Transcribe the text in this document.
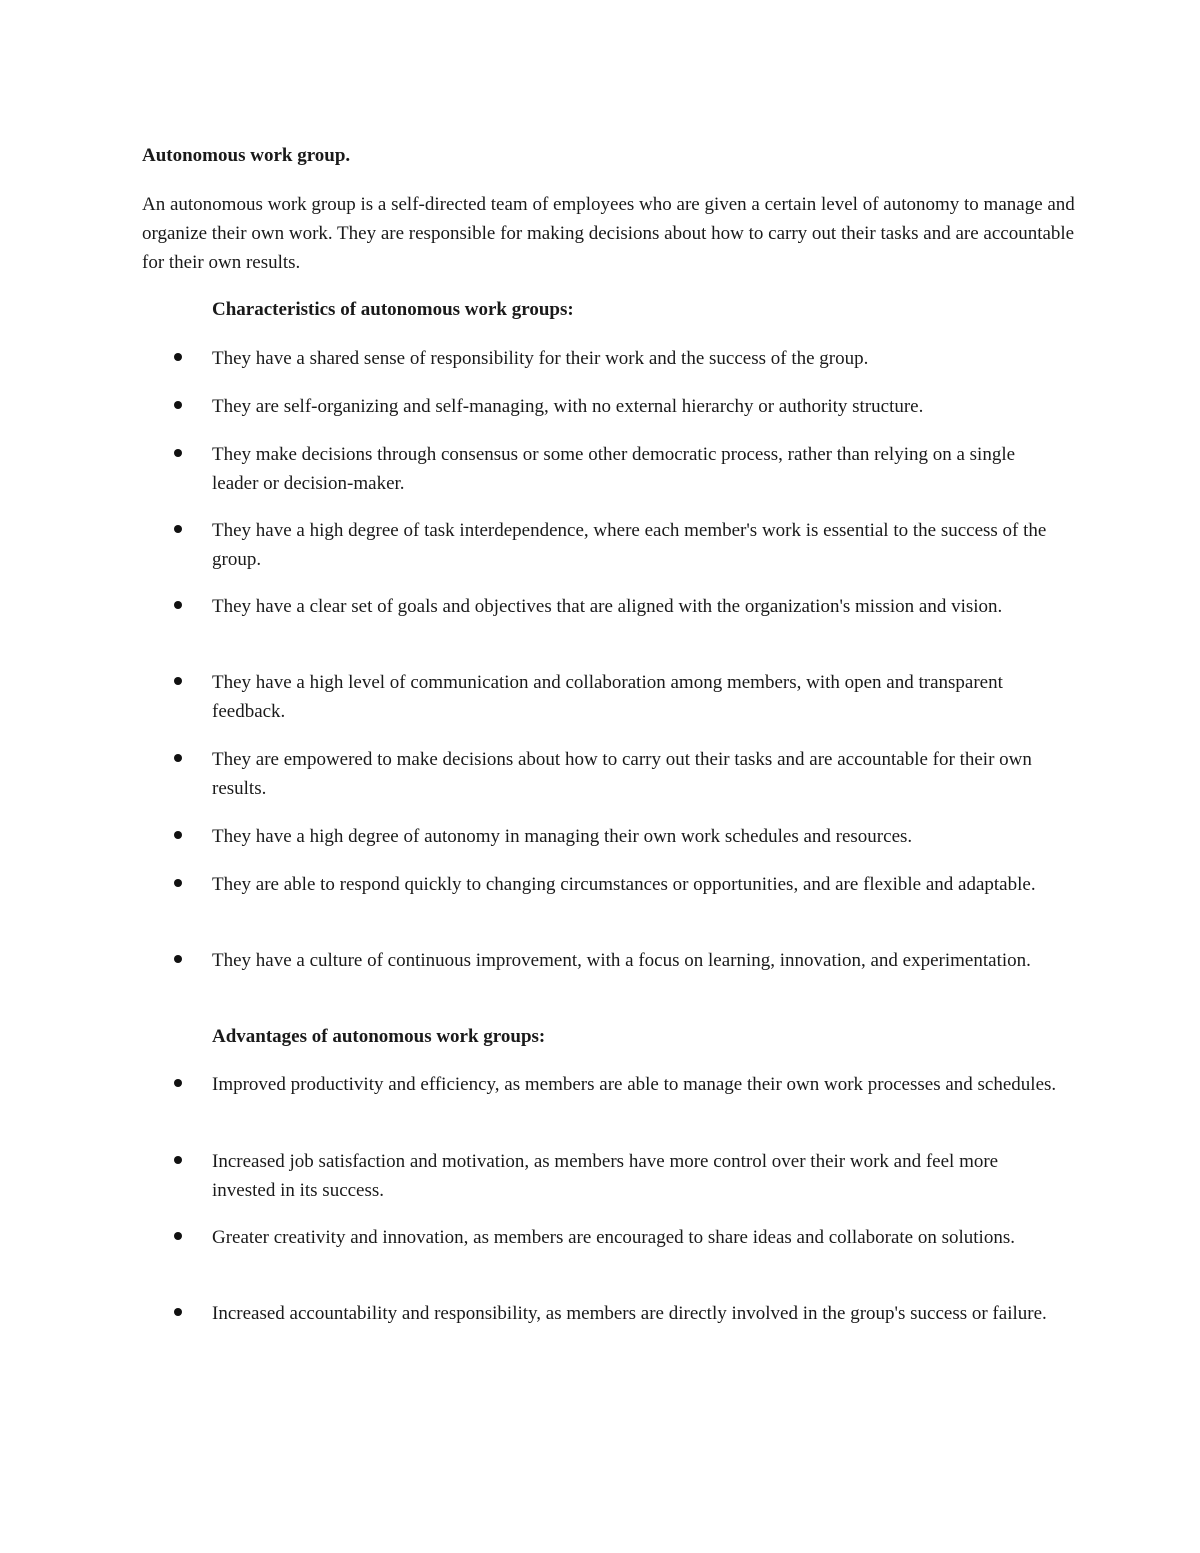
Autonomous work group.

An autonomous work group is a self-directed team of employees who are given a certain level of autonomy to manage and organize their own work. They are responsible for making decisions about how to carry out their tasks and are accountable for their own results.

Characteristics of autonomous work groups:
They have a shared sense of responsibility for their work and the success of the group.
They are self-organizing and self-managing, with no external hierarchy or authority structure.
They make decisions through consensus or some other democratic process, rather than relying on a single leader or decision-maker.
They have a high degree of task interdependence, where each member's work is essential to the success of the group.
They have a clear set of goals and objectives that are aligned with the organization's mission and vision.
They have a high level of communication and collaboration among members, with open and transparent feedback.
They are empowered to make decisions about how to carry out their tasks and are accountable for their own results.
They have a high degree of autonomy in managing their own work schedules and resources.
They are able to respond quickly to changing circumstances or opportunities, and are flexible and adaptable.
They have a culture of continuous improvement, with a focus on learning, innovation, and experimentation.
Advantages of autonomous work groups:
Improved productivity and efficiency, as members are able to manage their own work processes and schedules.
Increased job satisfaction and motivation, as members have more control over their work and feel more invested in its success.
Greater creativity and innovation, as members are encouraged to share ideas and collaborate on solutions.
Increased accountability and responsibility, as members are directly involved in the group's success or failure.
